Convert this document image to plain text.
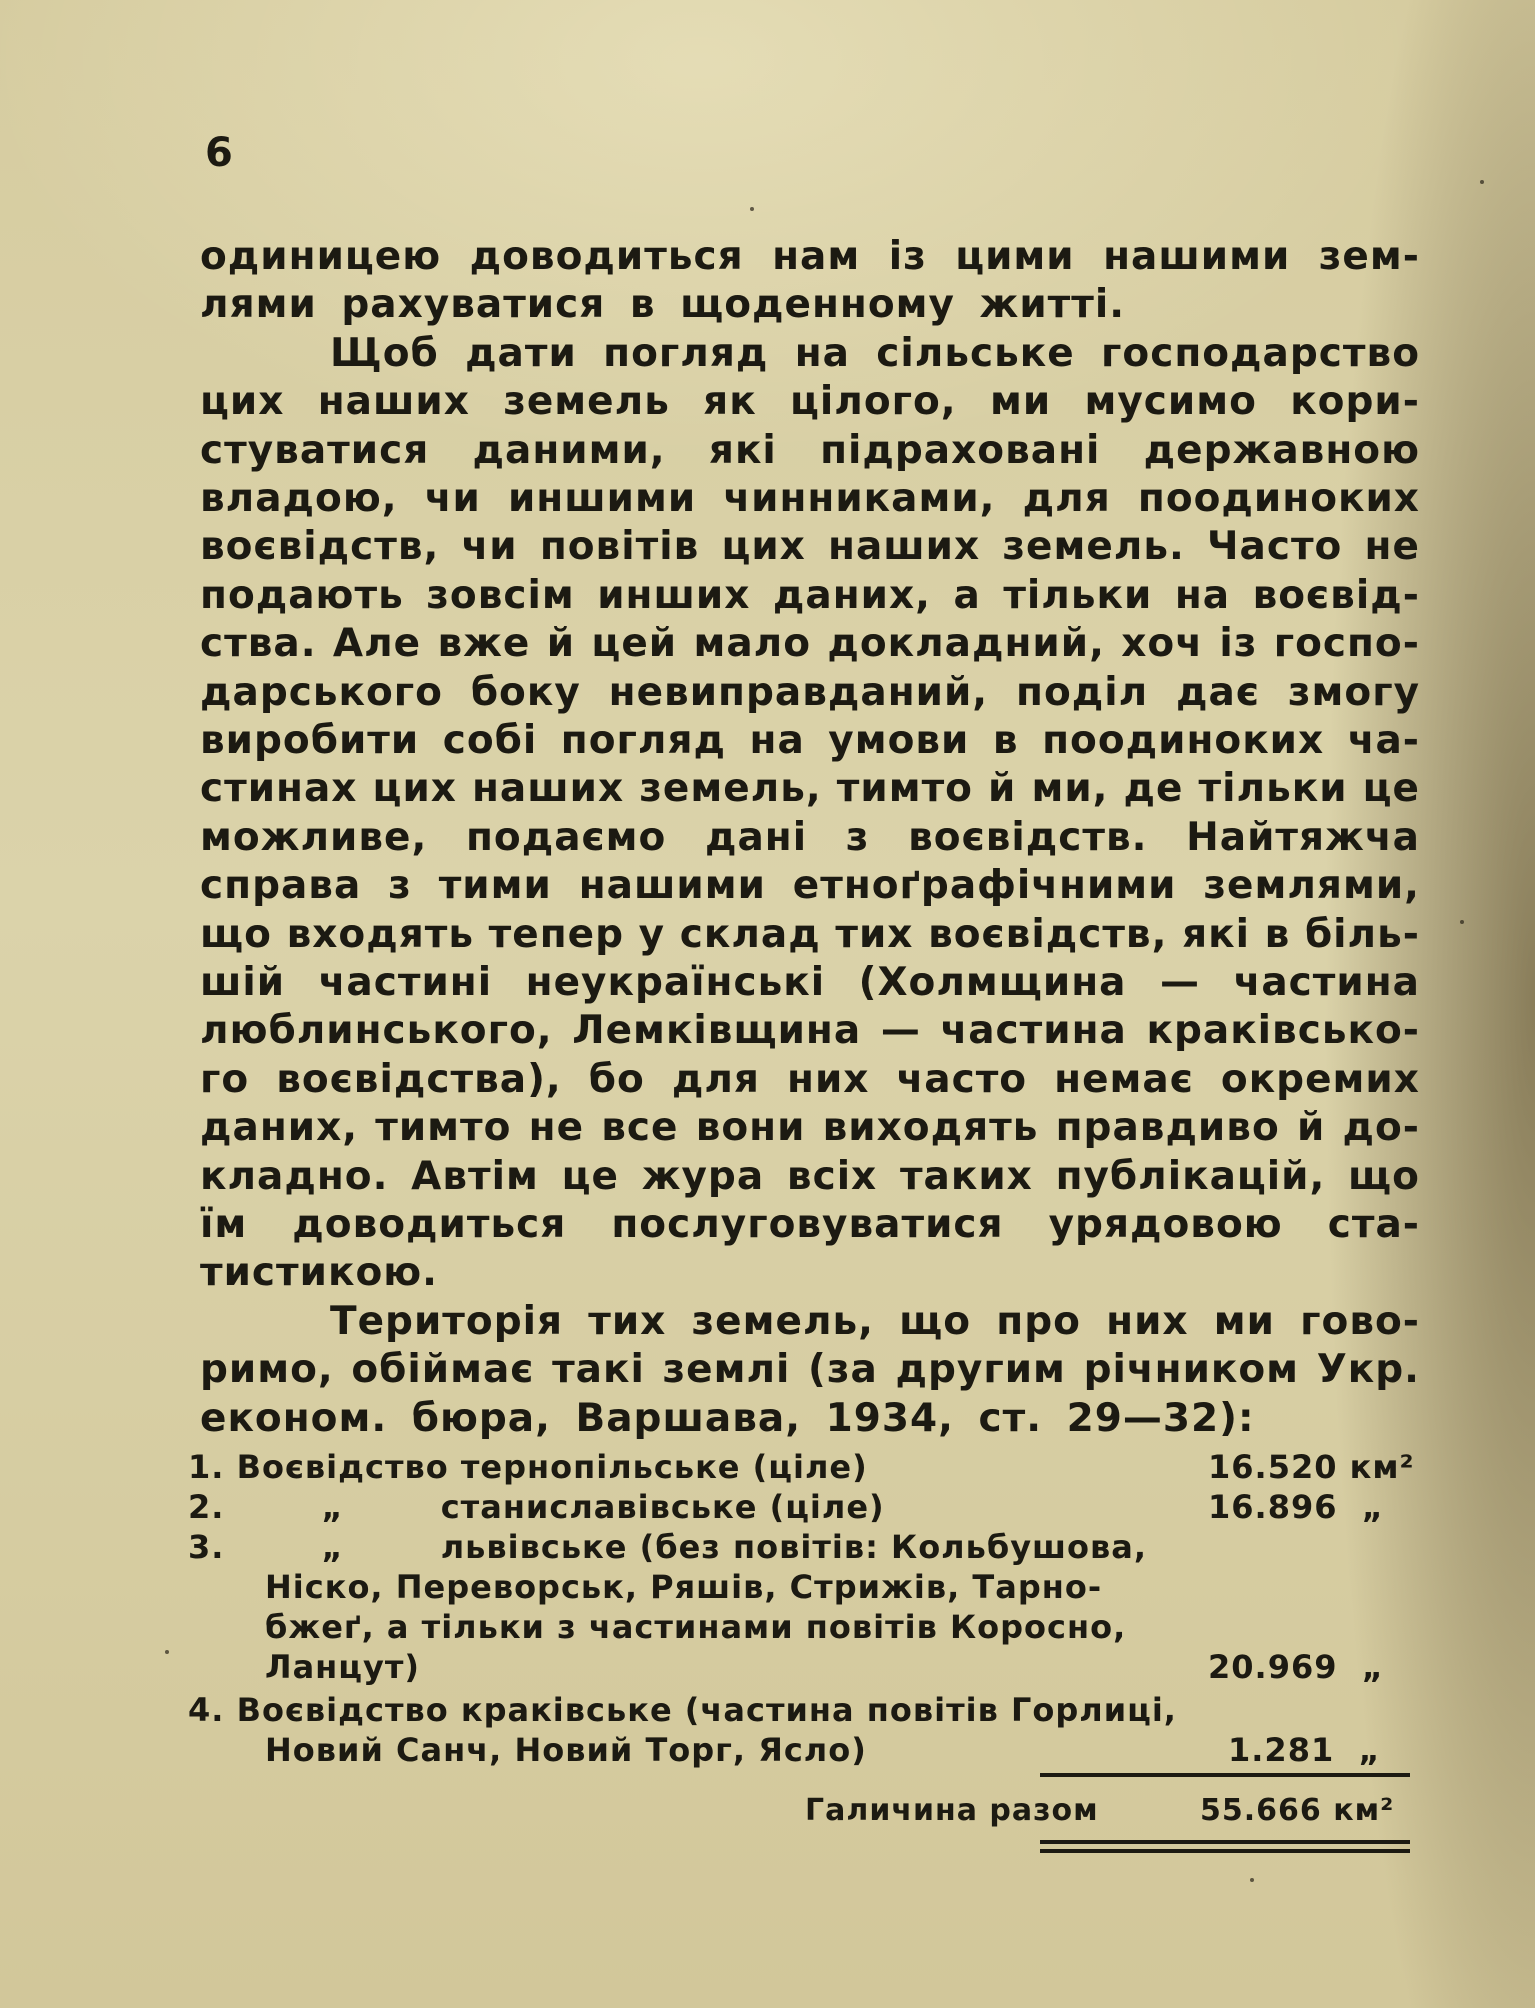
6
одиницею доводиться нам із цими нашими зем-
лями рахуватися в щоденному житті.
Щоб дати погляд на сільське господарство
цих наших земель як цілого, ми мусимо кори-
стуватися даними, які підраховані державною
владою, чи иншими чинниками, для поодиноких
воєвідств, чи повітів цих наших земель. Часто не
подають зовсім инших даних, а тільки на воєвід-
ства. Але вже й цей мало докладний, хоч із госпо-
дарського боку невиправданий, поділ дає змогу
виробити собі погляд на умови в поодиноких ча-
стинах цих наших земель, тимто й ми, де тільки це
можливе, подаємо дані з воєвідств. Найтяжча
справа з тими нашими етноґрафічними землями,
що входять тепер у склад тих воєвідств, які в біль-
шій частині неукраїнські (Холмщина — частина
люблинського, Лемківщина — частина краківсько-
го воєвідства), бо для них часто немає окремих
даних, тимто не все вони виходять правдиво й до-
кладно. Автім це жура всіх таких публікацій, що
їм доводиться послуговуватися урядовою ста-
тистикою.
Територія тих земель, що про них ми гово-
римо, обіймає такі землі (за другим річником Укр.
економ. бюра, Варшава, 1934, ст. 29—32):
1. Воєвідство тернопільське (ціле)	16.520 км²
2.        „        станиславівське (ціле)	16.896  „
3.        „        львівське (без повітів: Кольбушова,
Ніско, Переворськ, Ряшів, Стрижів, Тарно-
бжеґ, а тільки з частинами повітів Коросно,
Ланцут)	20.969  „
4. Воєвідство краківське (частина повітів Горлиці,
Новий Санч, Новий Торг, Ясло)	1.281  „
Галичина разом	55.666 км²
